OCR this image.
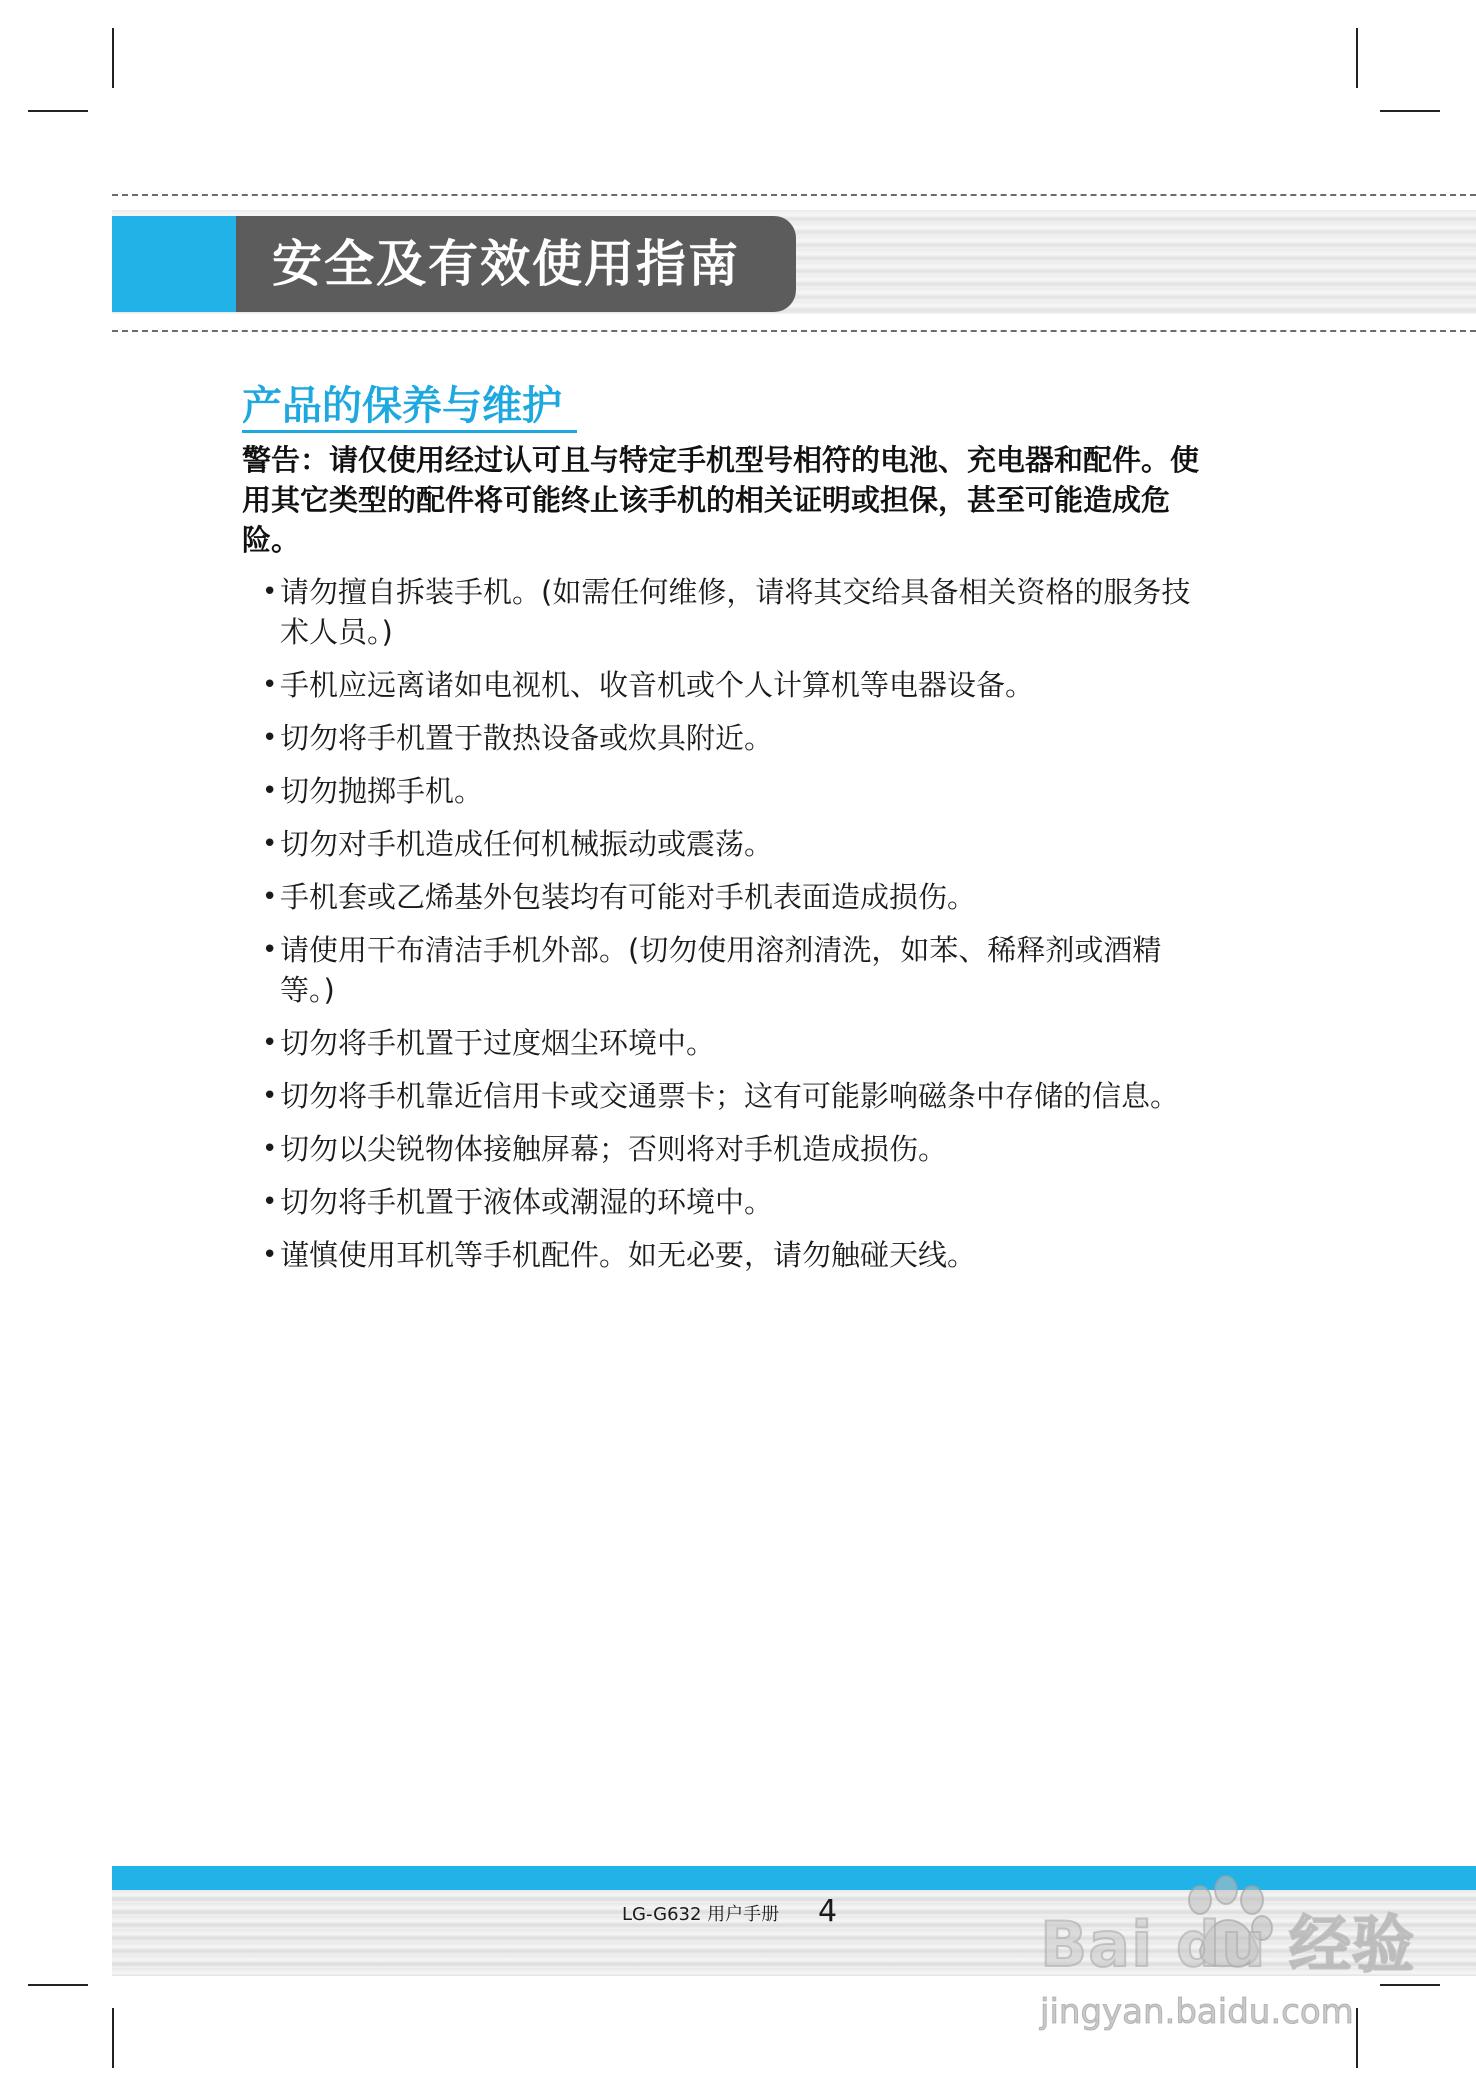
安全及有效使用指南
产品的保养与维护
警告：请仅使用经过认可且与特定手机型号相符的电池、充电器和配件。使用其它类型的配件将可能终止该手机的相关证明或担保，甚至可能造成危险。
• 请勿擅自拆装手机。(如需任何维修，请将其交给具备相关资格的服务技术人员。)
• 手机应远离诸如电视机、收音机或个人计算机等电器设备。
• 切勿将手机置于散热设备或炊具附近。
• 切勿抛掷手机。
• 切勿对手机造成任何机械振动或震荡。
• 手机套或乙烯基外包装均有可能对手机表面造成损伤。
• 请使用干布清洁手机外部。(切勿使用溶剂清洗，如苯、稀释剂或酒精等。)
• 切勿将手机置于过度烟尘环境中。
• 切勿将手机靠近信用卡或交通票卡；这有可能影响磁条中存储的信息。
• 切勿以尖锐物体接触屏幕；否则将对手机造成损伤。
• 切勿将手机置于液体或潮湿的环境中。
• 谨慎使用耳机等手机配件。如无必要，请勿触碰天线。
LG-G632 用户手册 4	Bai du 经验
jingyan.baidu.com
